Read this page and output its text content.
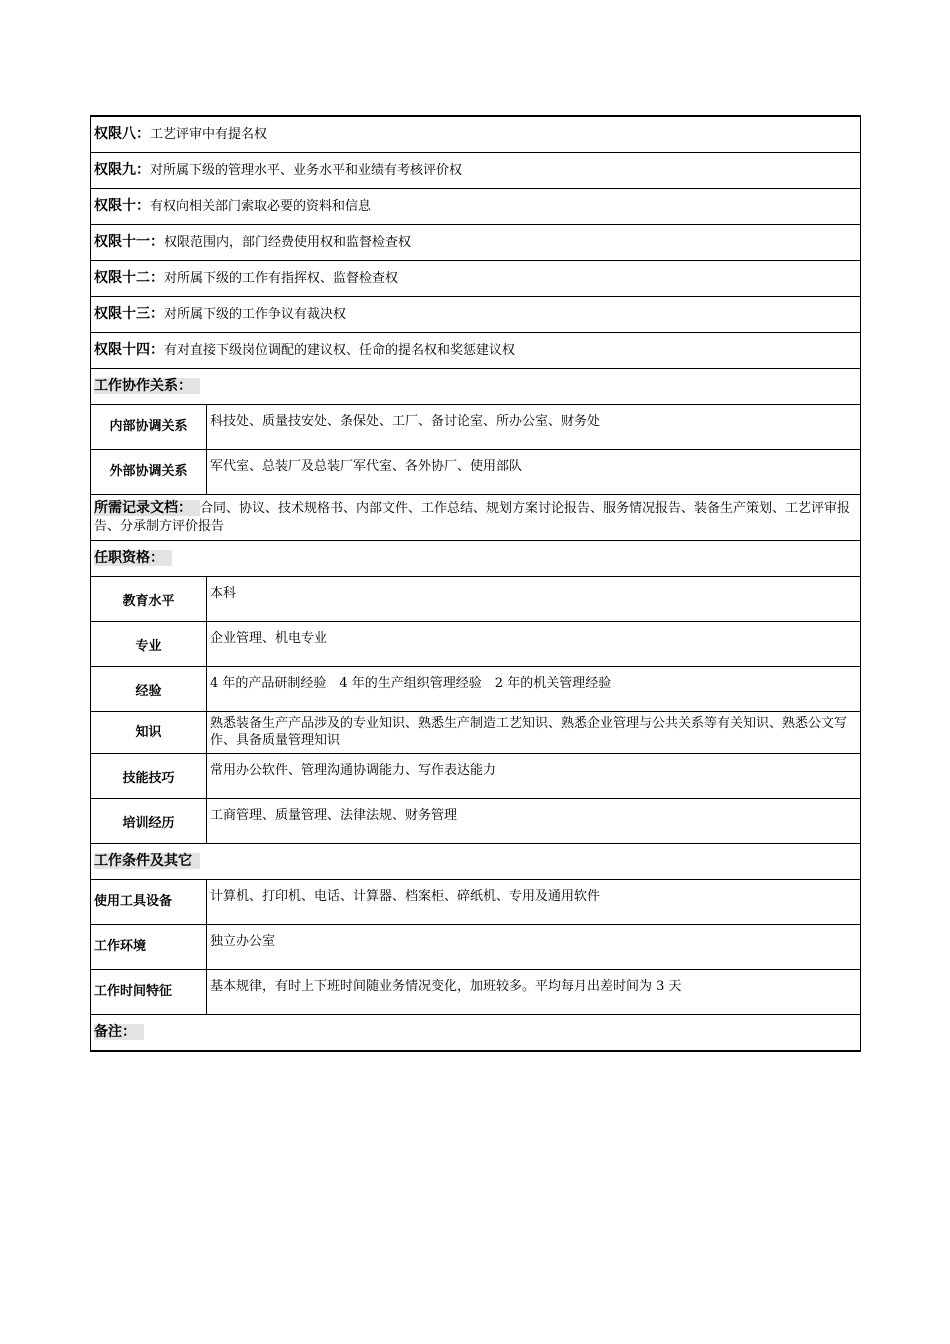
权限八：工艺评审中有提名权	
权限九：对所属下级的管理水平、业务水平和业绩有考核评价权	
权限十：有权向相关部门索取必要的资料和信息	
权限十一：权限范围内，部门经费使用权和监督检查权	
权限十二：对所属下级的工作有指挥权、监督检查权	
权限十三：对所属下级的工作争议有裁决权	
权限十四：有对直接下级岗位调配的建议权、任命的提名权和奖惩建议权	
工作协作关系：	
内部协调关系	科技处、质量技安处、条保处、工厂、备讨论室、所办公室、财务处
外部协调关系	军代室、总装厂及总装厂军代室、各外协厂、使用部队
所需记录文档： 合同、协议、技术规格书、内部文件、工作总结、规划方案讨论报告、服务情况报告、装备生产策划、工艺评审报告、分承制方评价报告	
任职资格：	
教育水平	本科
专业	企业管理、机电专业
经验	4 年的产品研制经验　4 年的生产组织管理经验　2 年的机关管理经验
知识	熟悉装备生产产品涉及的专业知识、熟悉生产制造工艺知识、熟悉企业管理与公共关系等有关知识、熟悉公文写作、具备质量管理知识
技能技巧	常用办公软件、管理沟通协调能力、写作表达能力
培训经历	工商管理、质量管理、法律法规、财务管理
工作条件及其它	
使用工具设备	计算机、打印机、电话、计算器、档案柜、碎纸机、专用及通用软件
工作环境	独立办公室
工作时间特征	基本规律，有时上下班时间随业务情况变化，加班较多。平均每月出差时间为 3 天
备注：	
